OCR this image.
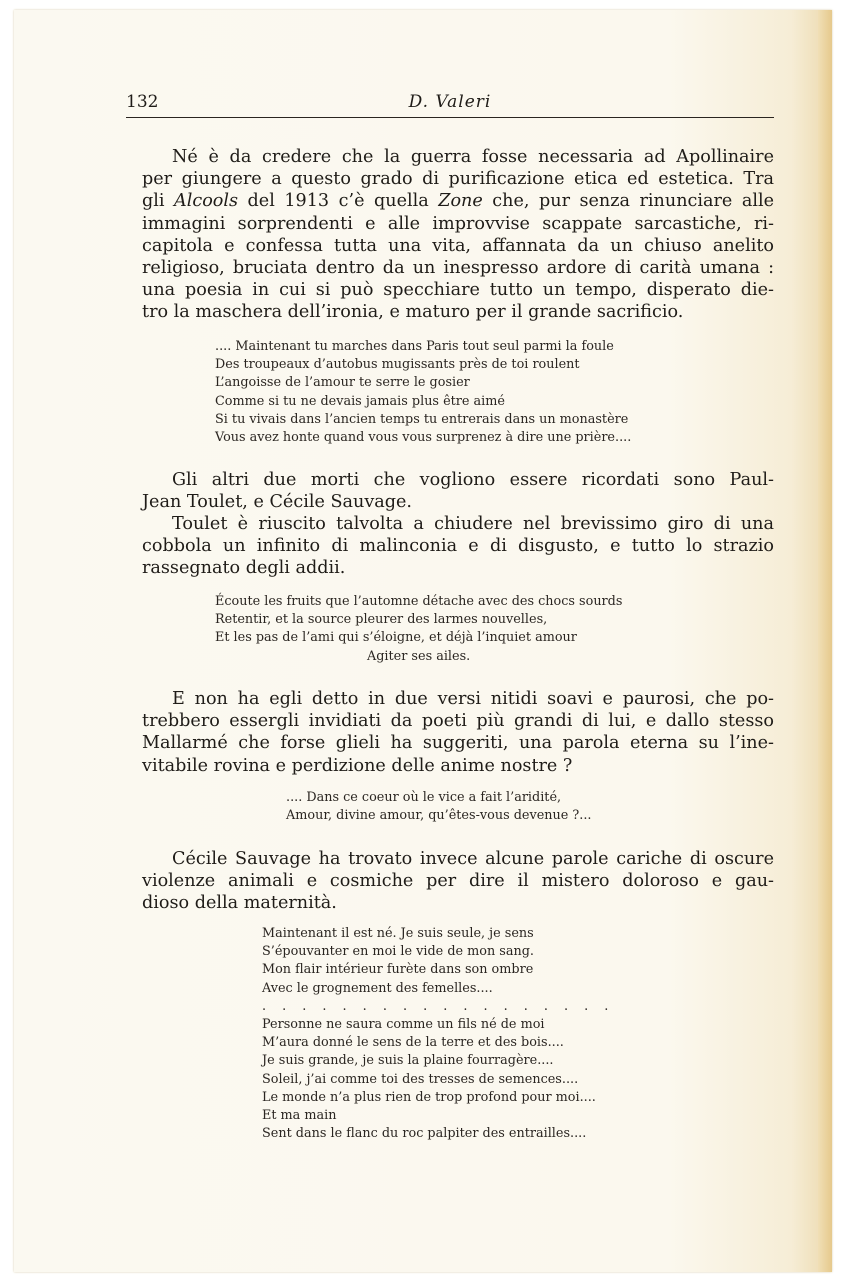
132	D. Valeri
Né è da credere che la guerra fosse necessaria ad Apollinaire
per giungere a questo grado di purificazione etica ed estetica. Tra
gli Alcools del 1913 c’è quella Zone che, pur senza rinunciare alle
immagini sorprendenti e alle improvvise scappate sarcastiche, ri-
capitola e confessa tutta una vita, affannata da un chiuso anelito
religioso, bruciata dentro da un inespresso ardore di carità umana :
una poesia in cui si può specchiare tutto un tempo, disperato die-
tro la maschera dell’ironia, e maturo per il grande sacrificio.
.... Maintenant tu marches dans Paris tout seul parmi la foule
Des troupeaux d’autobus mugissants près de toi roulent
L’angoisse de l’amour te serre le gosier
Comme si tu ne devais jamais plus être aimé
Si tu vivais dans l’ancien temps tu entrerais dans un monastère
Vous avez honte quand vous vous surprenez à dire une prière....
Gli altri due morti che vogliono essere ricordati sono Paul-
Jean Toulet, e Cécile Sauvage.
Toulet è riuscito talvolta a chiudere nel brevissimo giro di una
cobbola un infinito di malinconia e di disgusto, e tutto lo strazio
rassegnato degli addii.
Écoute les fruits que l’automne détache avec des chocs sourds
Retentir, et la source pleurer des larmes nouvelles,
Et les pas de l’ami qui s’éloigne, et déjà l’inquiet amour
Agiter ses ailes.
E non ha egli detto in due versi nitidi soavi e paurosi, che po-
trebbero essergli invidiati da poeti più grandi di lui, e dallo stesso
Mallarmé che forse glieli ha suggeriti, una parola eterna su l’ine-
vitabile rovina e perdizione delle anime nostre ?
.... Dans ce coeur où le vice a fait l’aridité,
Amour, divine amour, qu’êtes-vous devenue ?...
Cécile Sauvage ha trovato invece alcune parole cariche di oscure
violenze animali e cosmiche per dire il mistero doloroso e gau-
dioso della maternità.
Maintenant il est né. Je suis seule, je sens
S’épouvanter en moi le vide de mon sang.
Mon flair intérieur furète dans son ombre
Avec le grognement des femelles....
. . . . . . . . . . . . . . . . . .
Personne ne saura comme un fils né de moi
M’aura donné le sens de la terre et des bois....
Je suis grande, je suis la plaine fourragère....
Soleil, j’ai comme toi des tresses de semences....
Le monde n’a plus rien de trop profond pour moi....
Et ma main
Sent dans le flanc du roc palpiter des entrailles....
